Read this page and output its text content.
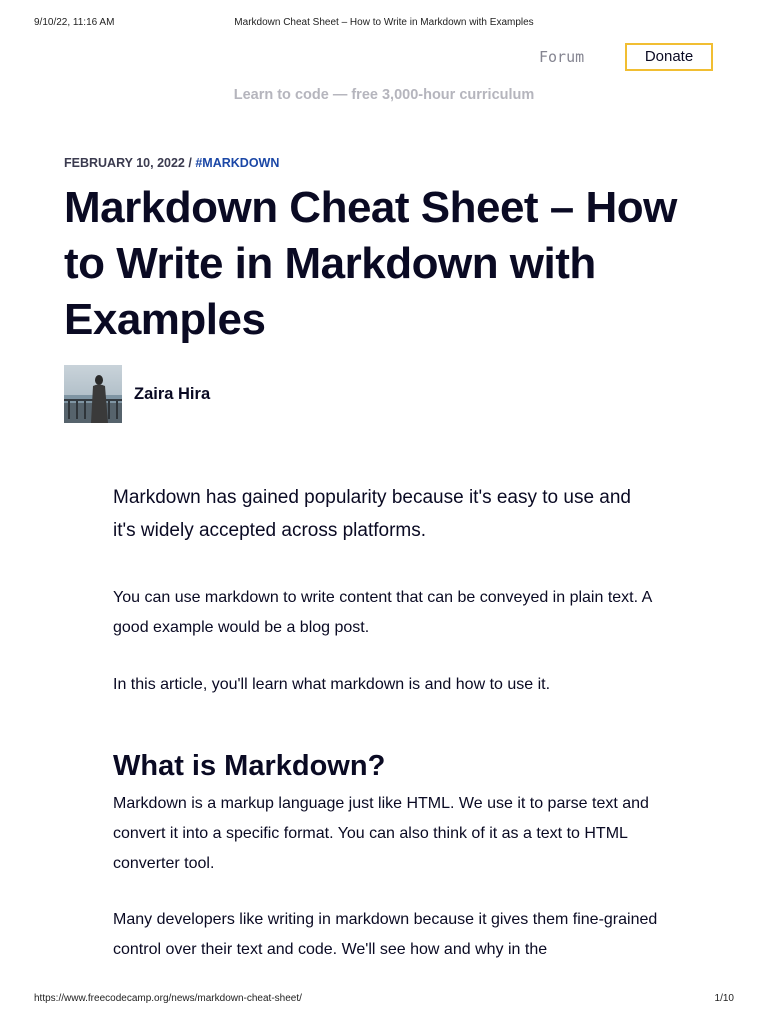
9/10/22, 11:16 AM	Markdown Cheat Sheet – How to Write in Markdown with Examples
Forum	Donate
Learn to code — free 3,000-hour curriculum
FEBRUARY 10, 2022 / #MARKDOWN
Markdown Cheat Sheet – How to Write in Markdown with Examples
Zaira Hira

Markdown has gained popularity because it's easy to use and it's widely accepted across platforms.

You can use markdown to write content that can be conveyed in plain text. A good example would be a blog post.

In this article, you'll learn what markdown is and how to use it.

What is Markdown?

Markdown is a markup language just like HTML. We use it to parse text and convert it into a specific format. You can also think of it as a text to HTML converter tool.

Many developers like writing in markdown because it gives them fine-grained control over their text and code. We'll see how and why in the

https://www.freecodecamp.org/news/markdown-cheat-sheet/	1/10
